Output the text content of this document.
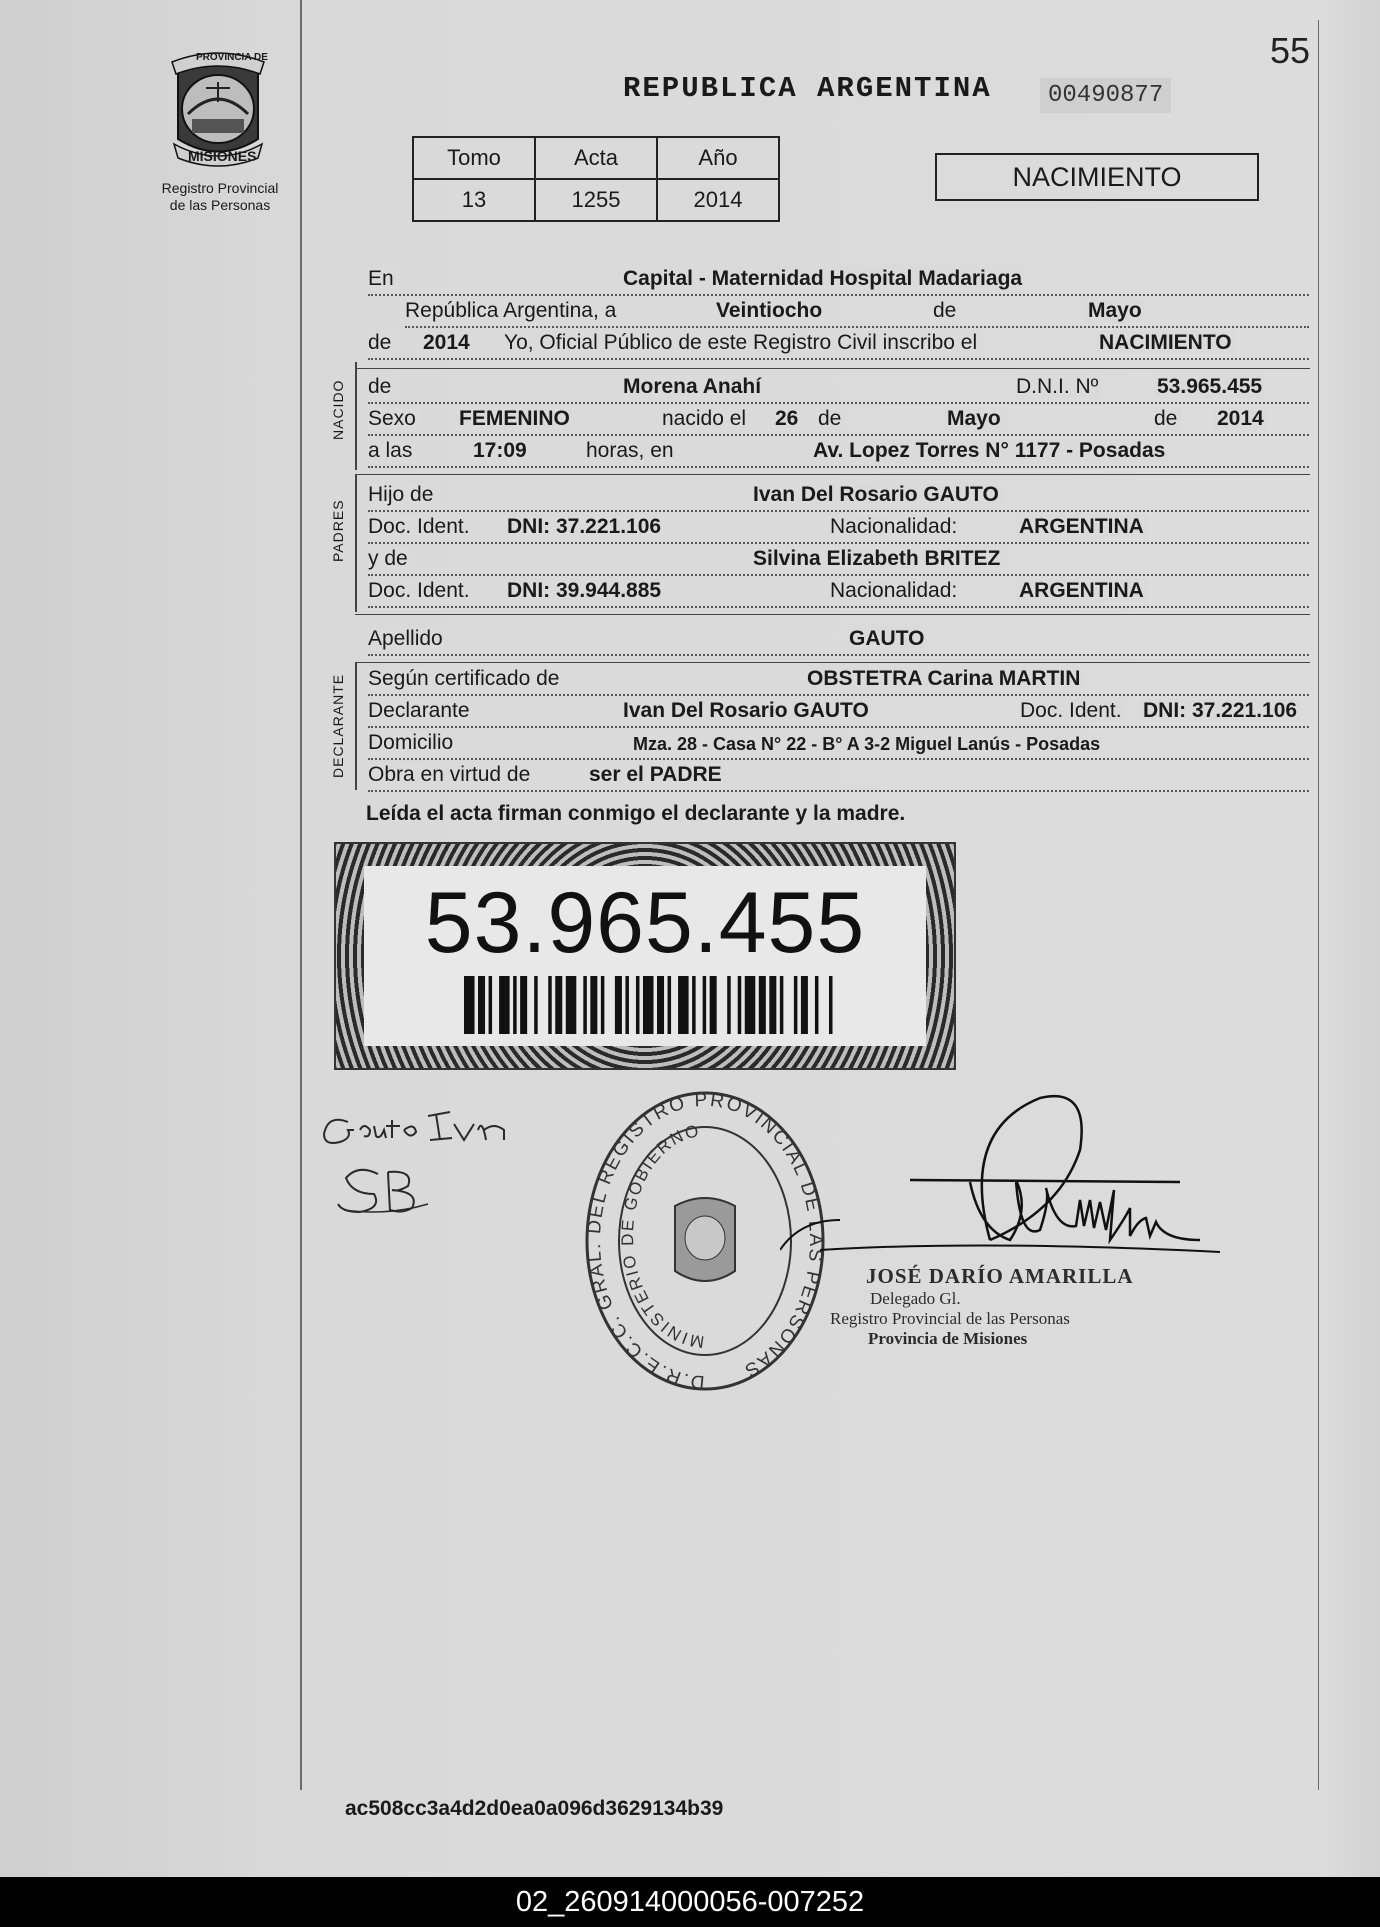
55
PROVINCIA DE
MISIONES
Registro Provincial
de las Personas
REPUBLICA ARGENTINA	00490877
Tomo	Acta	Año
13	1255	2014
NACIMIENTO
En	Capital - Maternidad Hospital Madariaga
República Argentina, a	Veintiocho	de	Mayo
de 2014 Yo, Oficial Público de este Registro Civil inscribo el	NACIMIENTO
NACIDO de	Morena Anahí	D.N.I. Nº	53.965.455
Sexo FEMENINO	nacido el 26 de	Mayo	de 2014
a las	17:09	horas, en	Av. Lopez Torres N° 1177 - Posadas
PADRES
Hijo de	Ivan Del Rosario GAUTO
Doc. Ident. DNI: 37.221.106	Nacionalidad:	ARGENTINA
y de	Silvina Elizabeth BRITEZ
Doc. Ident. DNI: 39.944.885	Nacionalidad:	ARGENTINA
Apellido	GAUTO
DECLARANTE Según certificado de	OBSTETRA Carina MARTIN
Declarante	Ivan Del Rosario GAUTO	Doc. Ident. DNI: 37.221.106
Domicilio	Mza. 28 - Casa N° 22 - B° A 3-2 Miguel Lanús - Posadas
Obra en virtud de	ser el PADRE
Leída el acta firman conmigo el declarante y la madre.
53.965.455
D.R.E.C.C. GRAL. DEL REGISTRO PROVINCIAL DE LAS PERSONAS
MINISTERIO DE GOBIERNO
JOSÉ DARÍO AMARILLA
Delegado Gl.
Registro Provincial de las Personas
Provincia de Misiones
ac508cc3a4d2d0ea0a096d3629134b39
02_260914000056-007252
